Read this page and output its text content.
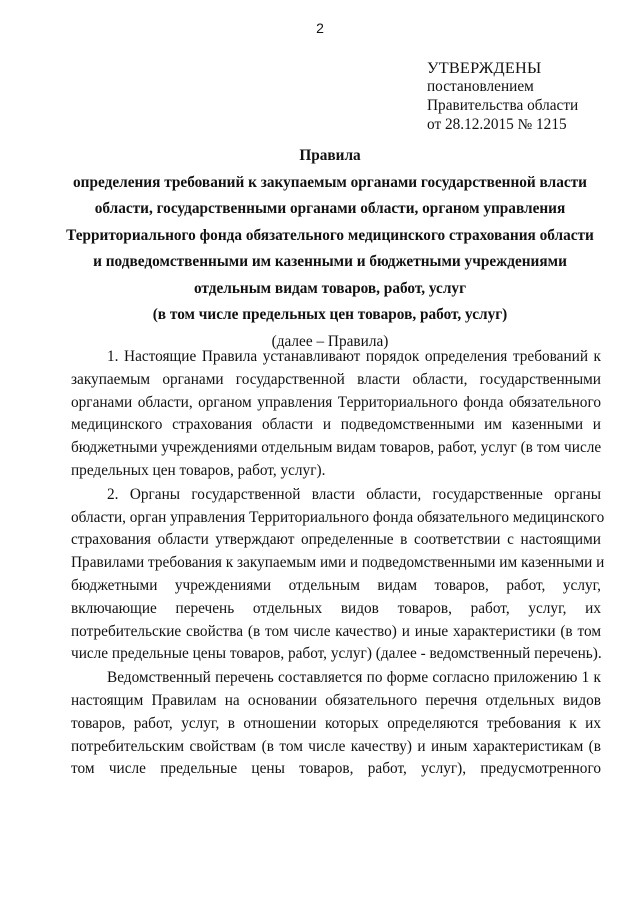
2
УТВЕРЖДЕНЫ
постановлением
Правительства области
от 28.12.2015 № 1215
Правила
определения требований к закупаемым органами государственной власти
области, государственными органами области, органом управления
Территориального фонда обязательного медицинского страхования области
и подведомственными им казенными и бюджетными учреждениями
отдельным видам товаров, работ, услуг
(в том числе предельных цен товаров, работ, услуг)
(далее – Правила)

1. Настоящие Правила устанавливают порядок определения требований к
закупаемым органами государственной власти области, государственными
органами области, органом управления Территориального фонда обязательного
медицинского страхования области и подведомственными им казенными и
бюджетными учреждениями отдельным видам товаров, работ, услуг (в том числе
предельных цен товаров, работ, услуг).

2. Органы государственной власти области, государственные органы
области, орган управления Территориального фонда обязательного медицинского
страхования области утверждают определенные в соответствии с настоящими
Правилами требования к закупаемым ими и подведомственными им казенными и
бюджетными учреждениями отдельным видам товаров, работ, услуг,
включающие перечень отдельных видов товаров, работ, услуг, их
потребительские свойства (в том числе качество) и иные характеристики (в том
числе предельные цены товаров, работ, услуг) (далее - ведомственный перечень).

Ведомственный перечень составляется по форме согласно приложению 1 к
настоящим Правилам на основании обязательного перечня отдельных видов
товаров, работ, услуг, в отношении которых определяются требования к их
потребительским свойствам (в том числе качеству) и иным характеристикам (в
том числе предельные цены товаров, работ, услуг), предусмотренного
